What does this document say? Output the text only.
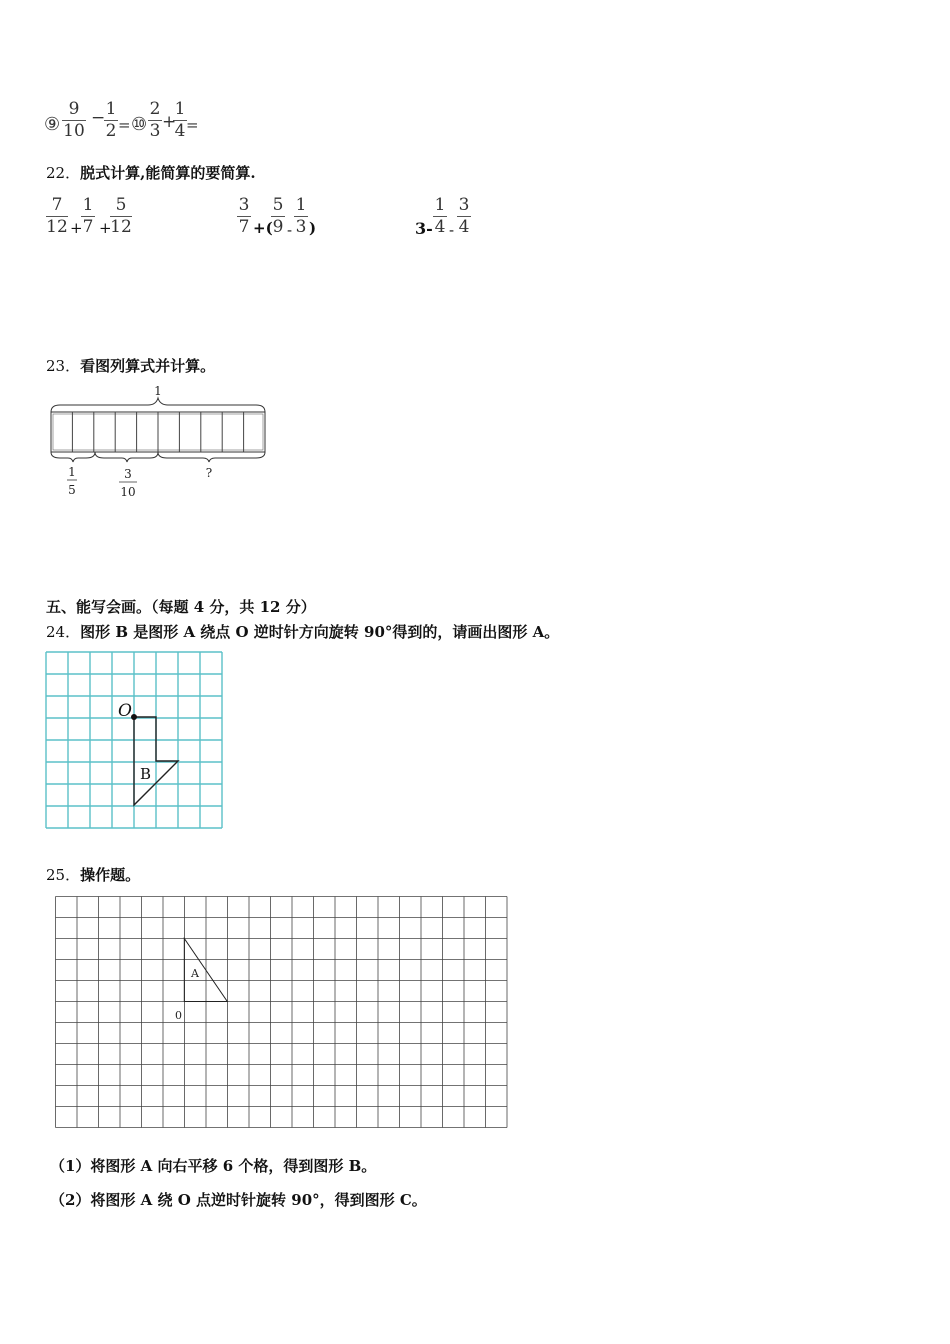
⑨
9
10
− 1
2 = ⑩
2
3 +
1
4 =
22．脱式计算,能简算的要简算.
7
12 +
1
7 +
5
12
3
7 +(
5
9 -
1
3 )	3-
1
4 -
3
4
23．看图列算式并计算。
1
1
5
3
10
?
五、能写会画。（每题 4 分，共 12 分）
24．图形 B 是图形 A 绕点 O 逆时针方向旋转 90°得到的，请画出图形 A。
O
B
25．操作题。
A
0
（1）将图形 A 向右平移 6 个格，得到图形 B。
（2）将图形 A 绕 O 点逆时针旋转 90°，得到图形 C。
